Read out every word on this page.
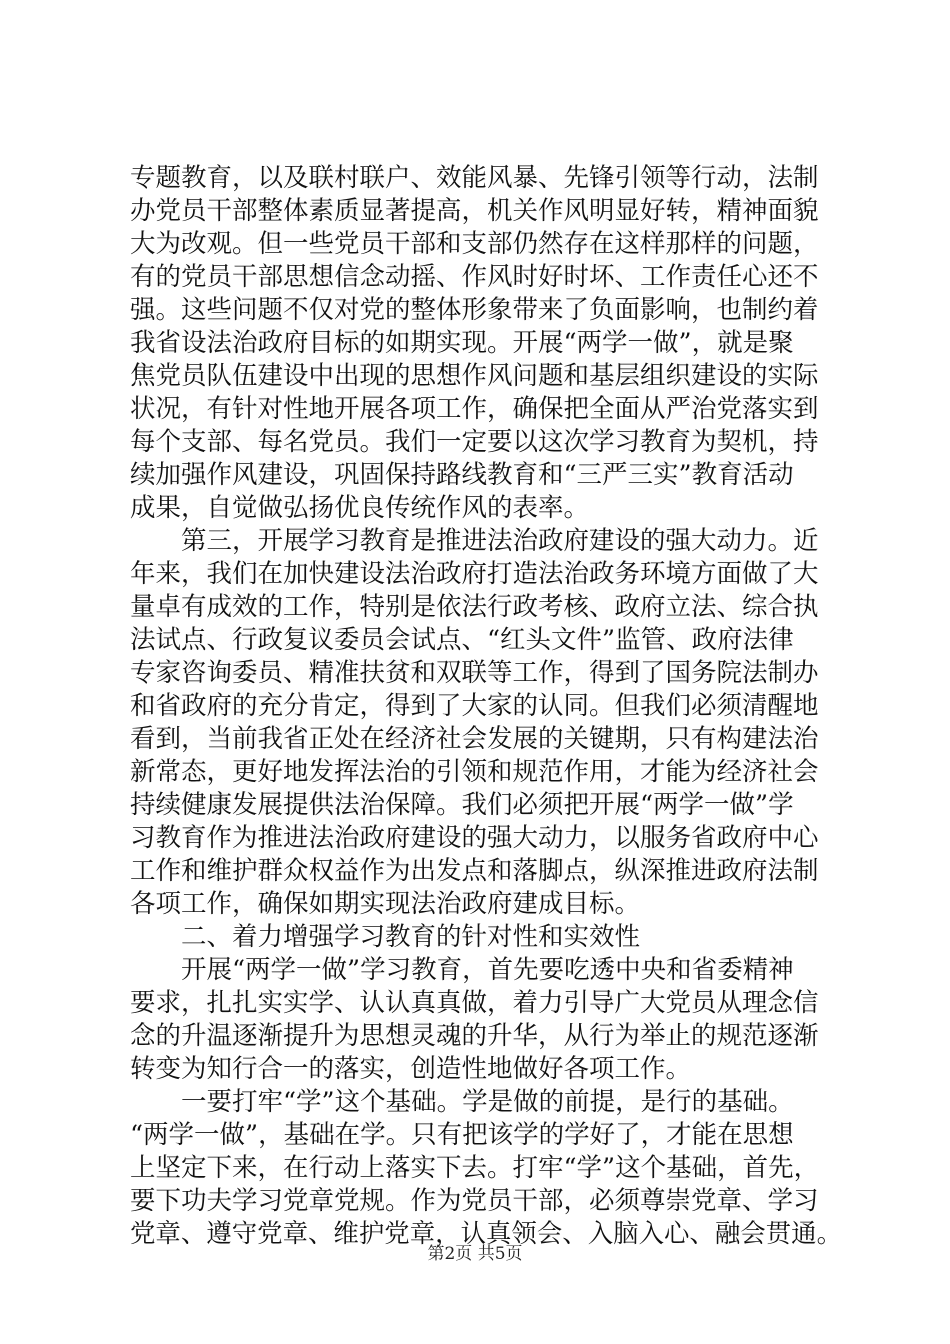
专题教育，以及联村联户、效能风暴、先锋引领等行动，法制
办党员干部整体素质显著提高，机关作风明显好转，精神面貌
大为改观。但一些党员干部和支部仍然存在这样那样的问题，
有的党员干部思想信念动摇、作风时好时坏、工作责任心还不
强。这些问题不仅对党的整体形象带来了负面影响，也制约着
我省设法治政府目标的如期实现。开展“两学一做”，就是聚
焦党员队伍建设中出现的思想作风问题和基层组织建设的实际
状况，有针对性地开展各项工作，确保把全面从严治党落实到
每个支部、每名党员。我们一定要以这次学习教育为契机，持
续加强作风建设，巩固保持路线教育和“三严三实”教育活动
成果，自觉做弘扬优良传统作风的表率。
第三，开展学习教育是推进法治政府建设的强大动力。近
年来，我们在加快建设法治政府打造法治政务环境方面做了大
量卓有成效的工作，特别是依法行政考核、政府立法、综合执
法试点、行政复议委员会试点、“红头文件”监管、政府法律
专家咨询委员、精准扶贫和双联等工作，得到了国务院法制办
和省政府的充分肯定，得到了大家的认同。但我们必须清醒地
看到，当前我省正处在经济社会发展的关键期，只有构建法治
新常态，更好地发挥法治的引领和规范作用，才能为经济社会
持续健康发展提供法治保障。我们必须把开展“两学一做”学
习教育作为推进法治政府建设的强大动力，以服务省政府中心
工作和维护群众权益作为出发点和落脚点，纵深推进政府法制
各项工作，确保如期实现法治政府建成目标。
二、着力增强学习教育的针对性和实效性
开展“两学一做”学习教育，首先要吃透中央和省委精神
要求，扎扎实实学、认认真真做，着力引导广大党员从理念信
念的升温逐渐提升为思想灵魂的升华，从行为举止的规范逐渐
转变为知行合一的落实，创造性地做好各项工作。
一要打牢“学”这个基础。学是做的前提，是行的基础。
“两学一做”，基础在学。只有把该学的学好了，才能在思想
上坚定下来，在行动上落实下去。打牢“学”这个基础，首先，
要下功夫学习党章党规。作为党员干部，必须尊崇党章、学习
党章、遵守党章、维护党章，认真领会、入脑入心、融会贯通。
第2页 共5页
